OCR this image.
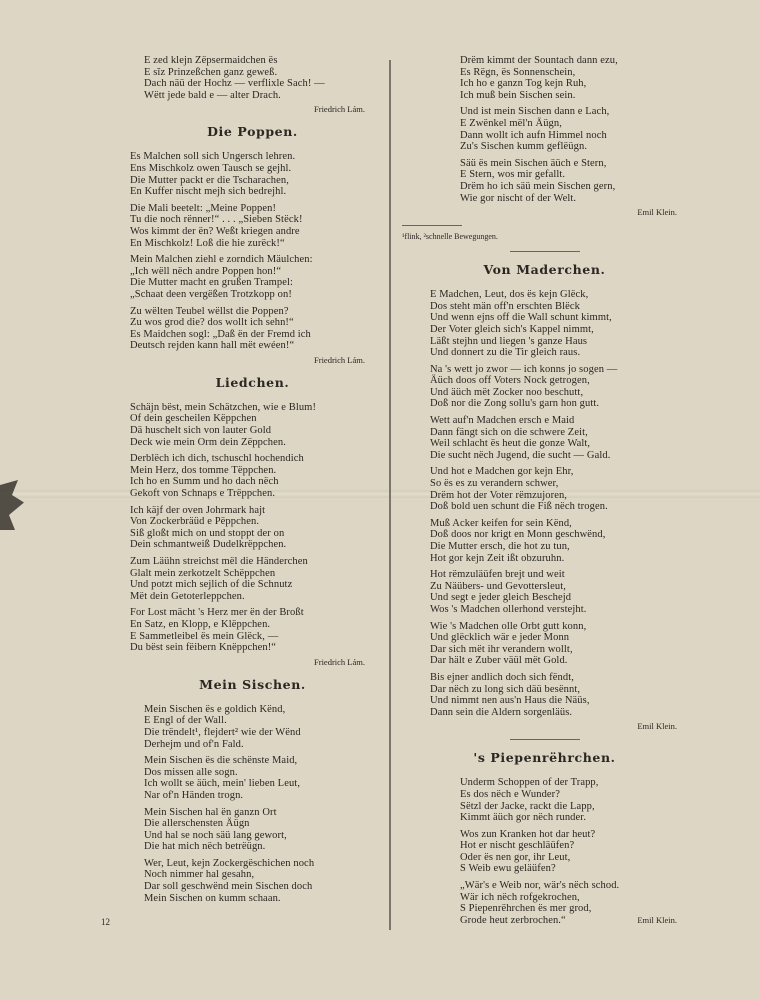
E zed klejn Zёpsermaidchen ës
E sĭz Prinzeßchen ganz geweß.
Dach näü der Hochz — verflixle Sach! —
Wëtt jede bald e — alter Drach.
Friedrich Lám.
Die Poppen.
Es Malchen soll sich Ungersch lehren.
Ens Mischkolz owen Tausch se gejhl.
Die Mutter packt er die Tscharachen,
En Kuffer nischt mejh sich bedrejhl.
Die Mali beetelt: „Meine Poppen!
Tu die noch rënner!“ . . . „Sieben Stëck!
Wos kimmt der ën? Weßt kriegen andre
En Mischkolz! Loß die hie zurëck!“
Mein Malchen ziehl e zorndich Mäulchen:
„Ich wëll nëch andre Poppen hon!“
Die Mutter macht en grußen Trampel:
„Schaat deen vergëßen Trotzkopp on!
Zu wëlten Teubel wëllst die Poppen?
Zu wos grod die? dos wollt ich sehn!“
Es Maidchen sogl: „Daß ën der Fremd ich
Deutsch rejden kann hall mët ewéen!“
Friedrich Lám.
Liedchen.
Schäjn bëst, mein Schätzchen, wie e Blum!
Of dein gescheilen Këppchen
Dä huschelt sich von lauter Gold
Deck wie mein Orm dein Zëppchen.
Derblëch ich dich, tschuschl hochendich
Mein Herz, dos tomme Tëppchen.
Ich ho en Summ und ho dach nëch
Gekoft von Schnaps e Trëppchen.
Ich käjf der oven Johrmark hajt
Von Zockerbräüd e Pëppchen.
Siß gloßt mich on und stoppt der on
Dein schmantweiß Dudelkrëppchen.
Zum Läühn streichst mël die Händerchen
Glalt mein zerkotzelt Schëppchen
Und potzt mich sejlich of die Schnutz
Mët dein Getoterleppchen.
For Lost mächt 's Herz mer ën der Broßt
En Satz, en Klopp, e Klëppchen.
E Sammetleibel ës mein Glëck, —
Du bëst sein fëibern Knëppchen!“
Friedrich Lám.
Mein Sischen.
Mein Sischen ës e goldich Kënd,
E Engl of der Wall.
Die trëndelt¹, flejdert² wie der Wënd
Derhejm und of'n Fald.
Mein Sischen ës die schënste Maid,
Dos missen alle sogn.
Ich wollt se äüch, mein' lieben Leut,
Nar of'n Händen trogn.
Mein Sischen hal ën ganzn Ort
Die allerschensten Äügn
Und hal se noch säü lang gewort,
Die hat mich nëch betrëügn.
Wer, Leut, kejn Zockergëschichen noch
Noch nimmer hal gesahn,
Dar soll geschwënd mein Sischen doch
Mein Sischen on kumm schaan.
Drëm kimmt der Sountach dann ezu,
Es Rëgn, ës Sonnenschein,
Ich ho e ganzn Tog kejn Ruh,
Ich muß bein Sischen sein.
Und ist mein Sischen dann e Lach,
E Zwënkel mël'n Äügn,
Dann wollt ich aufn Himmel noch
Zu's Sischen kumm geflëügn.
Säü ës mein Sischen äüch e Stern,
E Stern, wos mir gefallt.
Drëm ho ich säü mein Sischen gern,
Wie gor nischt of der Welt.
Emil Klein.
¹flink, ²schnelle Bewegungen.
Von Maderchen.
E Madchen, Leut, dos ës kejn Glëck,
Dos steht män off'n erschten Blëck
Und wenn ejns off die Wall schunt kimmt,
Der Voter gleich sich's Kappel nimmt,
Läßt stejhn und liegen 's ganze Haus
Und donnert zu die Tir gleich raus.
Na 's wett jo zwor — ich konns jo sogen —
Äüch doos off Voters Nock getrogen,
Und äüch mët Zocker noo beschutt,
Doß nor die Zong sollu's garn hon gutt.
Wett auf'n Madchen ersch e Maid
Dann fängt sich on die schwere Zeit,
Weil schlacht ës heut die gonze Walt,
Die sucht nëch Jugend, die sucht — Gald.
Und hot e Madchen gor kejn Ehr,
So ës es zu verandern schwer,
Drëm hot der Voter rëmzujoren,
Doß bold uen schunt die Fiß nëch trogen.
Muß Acker keifen for sein Kënd,
Doß doos nor krigt en Monn geschwënd,
Die Mutter ersch, die hot zu tun,
Hot gor kejn Zeit ißt obzuruhn.
Hot rëmzuläüfen brejt und weit
Zu Näübers- und Gevottersleut,
Und segt e jeder gleich Beschejd
Wos 's Madchen ollerhond verstejht.
Wie 's Madchen olle Orbt gutt konn,
Und glëcklich wär e jeder Monn
Dar sich mët ihr verandern wollt,
Dar hält e Zuber väül mët Gold.
Bis ejner andlich doch sich fëndt,
Dar nëch zu long sich däü besënnt,
Und nimmt nen aus'n Haus die Näüs,
Dann sein die Aldern sorgenläüs.
Emil Klein.
's Piepenrëhrchen.
Underm Schoppen of der Trapp,
Es dos nëch e Wunder?
Sëtzl der Jacke, rackt die Lapp,
Kimmt äüch gor nëch runder.
Wos zun Kranken hot dar heut?
Hot er nischt geschläüfen?
Oder ës nen gor, ihr Leut,
S Weib ewu geläüfen?
„Wär's e Weib nor, wär's nëch schod.
Wär ich nëch rofgekrochen,
S Piepenrëhrchen ës mer grod,
Grode heut zerbrochen.“	Emil Klein.
12
